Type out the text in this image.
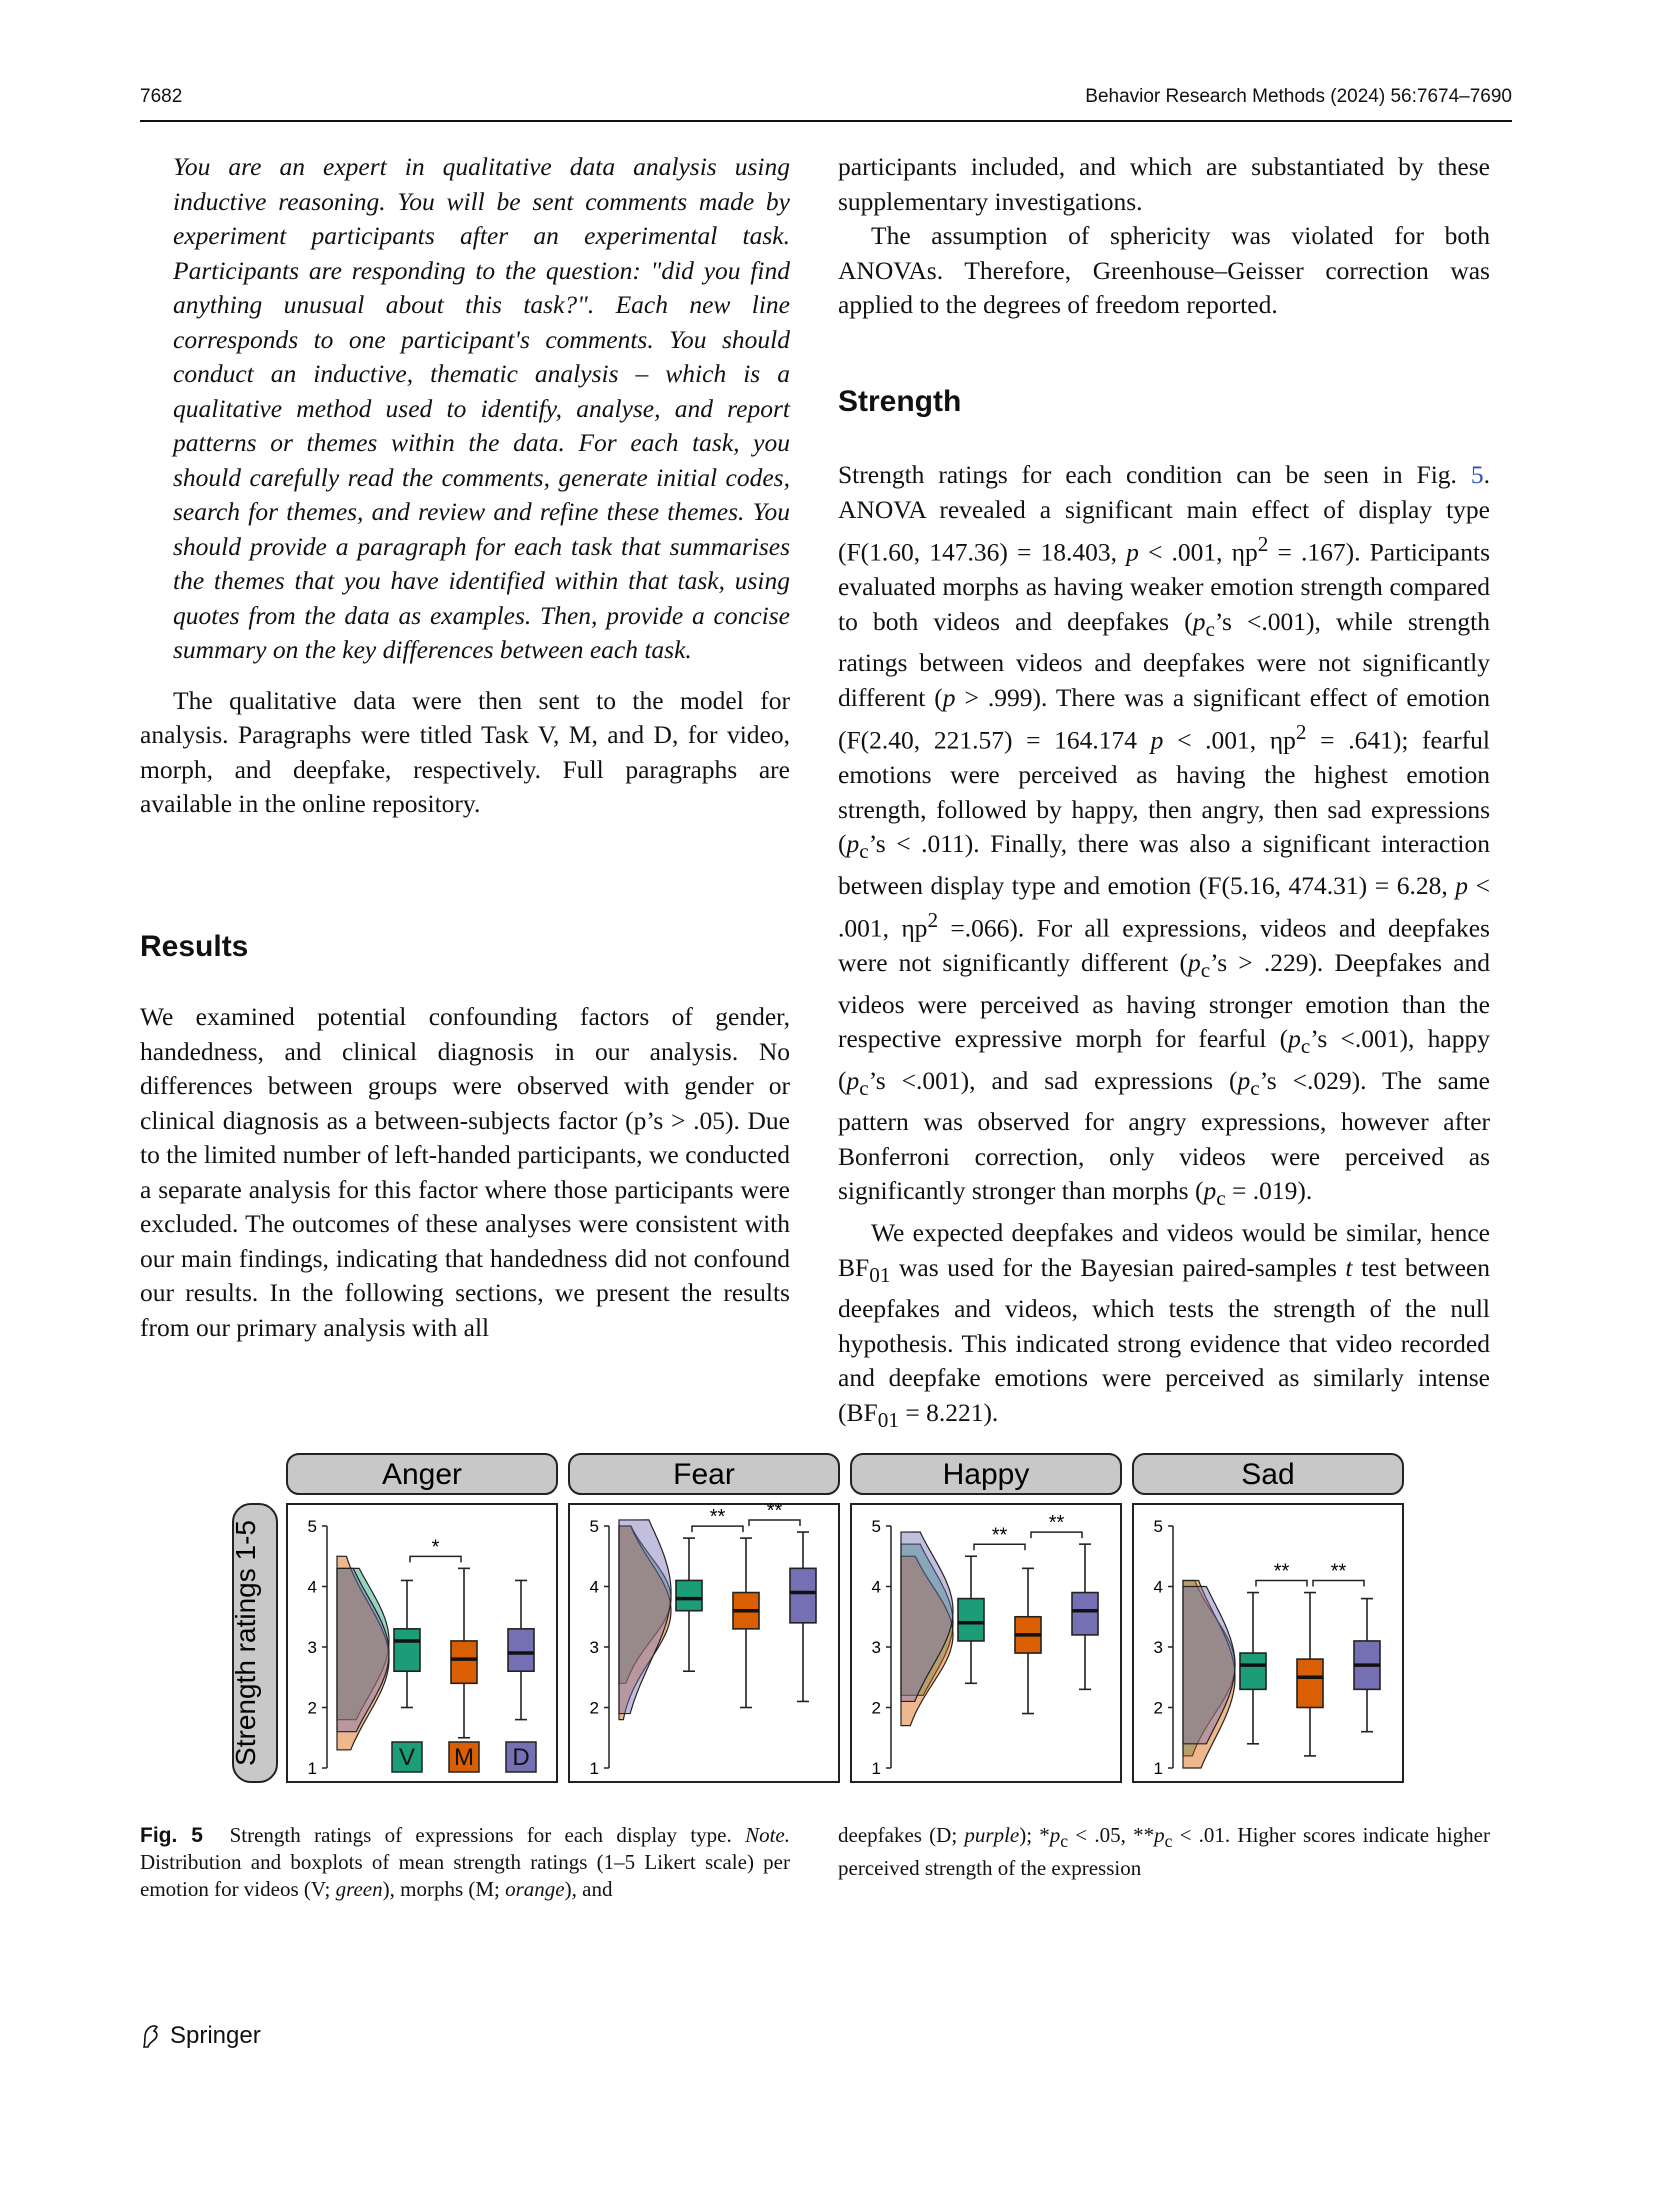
7682	Behavior Research Methods (2024) 56:7674–7690

You are an expert in qualitative data analysis using inductive reasoning. You will be sent comments made by experiment participants after an experimental task. Participants are responding to the question: "did you find anything unusual about this task?". Each new line corresponds to one participant's comments. You should conduct an inductive, thematic analysis – which is a qualitative method used to identify, analyse, and report patterns or themes within the data. For each task, you should carefully read the comments, generate initial codes, search for themes, and review and refine these themes. You should provide a paragraph for each task that summarises the themes that you have identified within that task, using quotes from the data as examples. Then, provide a concise summary on the key differences between each task.

The qualitative data were then sent to the model for analysis. Paragraphs were titled Task V, M, and D, for video, morph, and deepfake, respectively. Full paragraphs are available in the online repository.

Results

We examined potential confounding factors of gender, handedness, and clinical diagnosis in our analysis. No differences between groups were observed with gender or clinical diagnosis as a between-subjects factor (p’s > .05). Due to the limited number of left-handed participants, we conducted a separate analysis for this factor where those participants were excluded. The outcomes of these analyses were consistent with our main findings, indicating that handedness did not confound our results. In the following sections, we present the results from our primary analysis with all

participants included, and which are substantiated by these supplementary investigations.

The assumption of sphericity was violated for both ANOVAs. Therefore, Greenhouse–Geisser correction was applied to the degrees of freedom reported.

Strength

Strength ratings for each condition can be seen in Fig. 5. ANOVA revealed a significant main effect of display type (F(1.60, 147.36) = 18.403, p < .001, $\eta p^2 = .167$). Participants evaluated morphs as having weaker emotion strength compared to both videos and deepfakes $(p_c’s <.001)$, while strength ratings between videos and deepfakes were not significantly different (p > .999). There was a significant effect of emotion (F(2.40, 221.57) = 164.174 p < .001, $\eta p^2 = .641$); fearful emotions were perceived as having the highest emotion strength, followed by happy, then angry, then sad expressions $(p_c’s < .011)$. Finally, there was also a significant interaction between display type and emotion (F(5.16, 474.31) = 6.28, p < .001, $\eta p^2 =.066$). For all expressions, videos and deepfakes were not significantly different $(p_c’s > .229)$. Deepfakes and videos were perceived as having stronger emotion than the respective expressive morph for fearful $(p_c’s <.001)$, happy $(p_c’s <.001)$, and sad expressions $(p_c’s <.029)$. The same pattern was observed for angry expressions, however after Bonferroni correction, only videos were perceived as significantly stronger than morphs $(p_c = .019)$.

We expected deepfakes and videos would be similar, hence $BF_{01}$ was used for the Bayesian paired-samples t test between deepfakes and videos, which tests the strength of the null hypothesis. This indicated strong evidence that video recorded and deepfake emotions were perceived as similarly intense $(BF_{01} = 8.221)$.

Strength ratings 1-5
Anger
1
2
3
4
5
*
V M D
Fear
1
2
3
4
5	** **
Happy
1
2
3
4
5	**
**
Sad
1
2
3
4
5
** **
Fig. 5 Strength ratings of expressions for each display type. Note. Distribution and boxplots of mean strength ratings (1–5 Likert scale) per emotion for videos (V; green), morphs (M; orange), and
deepfakes (D; purple); $*p_c < .05$, $**p_c < .01$. Higher scores indicate higher perceived strength of the expression
Springer
